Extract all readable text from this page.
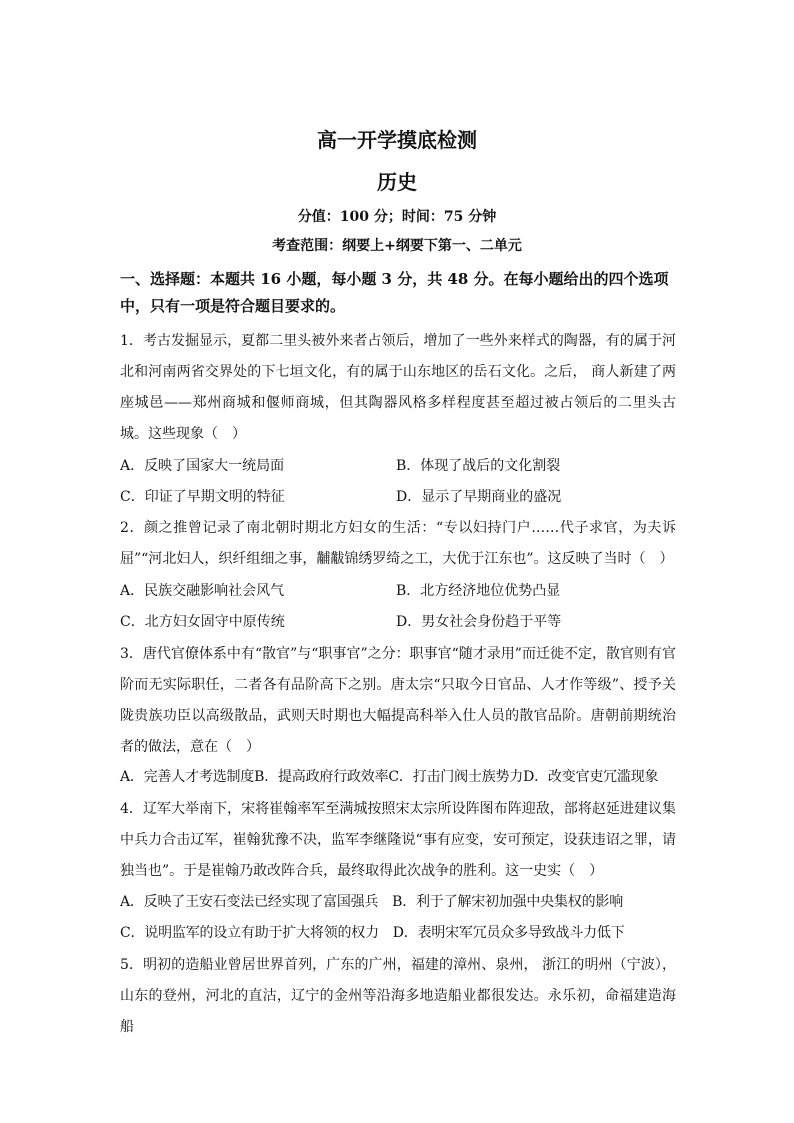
高一开学摸底检测
历史
分值：100 分；时间：75 分钟
考查范围：纲要上+纲要下第一、二单元

一、选择题：本题共 16 小题，每小题 3 分，共 48 分。在每小题给出的四个选项中，只有一项是符合题目要求的。

1．考古发掘显示，夏都二里头被外来者占领后，增加了一些外来样式的陶器，有的属于河北和河南两省交界处的下七垣文化，有的属于山东地区的岳石文化。之后， 商人新建了两座城邑——郑州商城和偃师商城，但其陶器风格多样程度甚至超过被占领后的二里头古城。这些现象（　）

A．反映了国家大一统局面	B．体现了战后的文化割裂
C．印证了早期文明的特征	D．显示了早期商业的盛况

2．颜之推曾记录了南北朝时期北方妇女的生活：“专以妇持门户……代子求官，为夫诉屈”“河北妇人，织纤组细之事，黼黻锦绣罗绮之工，大优于江东也”。这反映了当时（　）

A．民族交融影响社会风气	B．北方经济地位优势凸显
C．北方妇女固守中原传统	D．男女社会身份趋于平等

3．唐代官僚体系中有“散官”与“职事官”之分：职事官“随才录用”而迁徙不定，散官则有官阶而无实际职任，二者各有品阶高下之别。唐太宗“只取今日官品、人才作等级”、授予关陇贵族功臣以高级散品，武则天时期也大幅提高科举入仕人员的散官品阶。唐朝前期统治者的做法，意在（　）

A．完善人才考选制度B．提高政府行政效率C．打击门阀士族势力D．改变官吏冗滥现象

4．辽军大举南下，宋将崔翰率军至满城按照宋太宗所设阵图布阵迎敌，部将赵延进建议集中兵力合击辽军，崔翰犹豫不决，监军李继隆说“事有应变，安可预定，设获违诏之罪，请独当也”。于是崔翰乃敢改阵合兵，最终取得此次战争的胜利。这一史实（　）

A．反映了王安石变法已经实现了富国强兵　B．利于了解宋初加强中央集权的影响
C．说明监军的设立有助于扩大将领的权力　D．表明宋军冗员众多导致战斗力低下

5．明初的造船业曾居世界首列，广东的广州，福建的漳州、泉州， 浙江的明州（宁波），山东的登州，河北的直沽，辽宁的金州等沿海多地造船业都很发达。永乐初，命福建造海船
